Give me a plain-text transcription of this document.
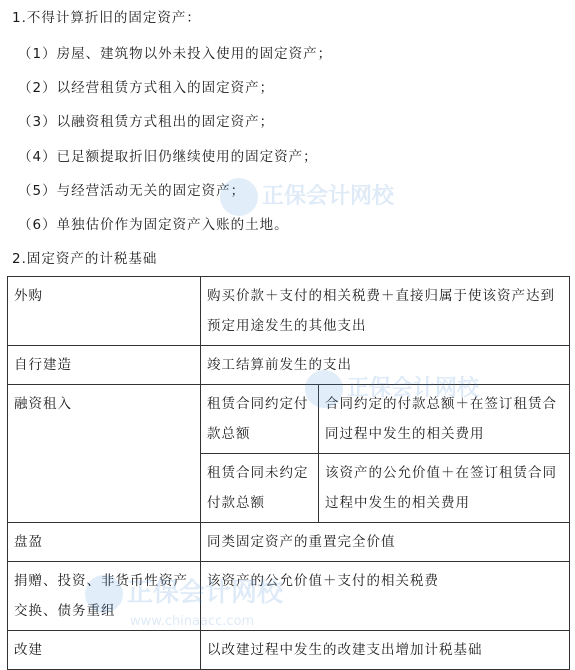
1.不得计算折旧的固定资产：
（1）房屋、建筑物以外未投入使用的固定资产；
（2）以经营租赁方式租入的固定资产；
（3）以融资租赁方式租出的固定资产；
（4）已足额提取折旧仍继续使用的固定资产；
（5）与经营活动无关的固定资产；
（6）单独估价作为固定资产入账的土地。
2.固定资产的计税基础
外购	购买价款＋支付的相关税费＋直接归属于使该资产达到预定用途发生的其他支出	
自行建造	竣工结算前发生的支出	
融资租入	租赁合同约定付款总额	合同约定的付款总额＋在签订租赁合同过程中发生的相关费用
	租赁合同未约定付款总额	该资产的公允价值＋在签订租赁合同过程中发生的相关费用
盘盈	同类固定资产的重置完全价值	
捐赠、投资、非货币性资产交换、债务重组	该资产的公允价值＋支付的相关税费	
改建	以改建过程中发生的改建支出增加计税基础	
正保会计网校
正保会计网校
正保会计网校
www.chinaacc.com
